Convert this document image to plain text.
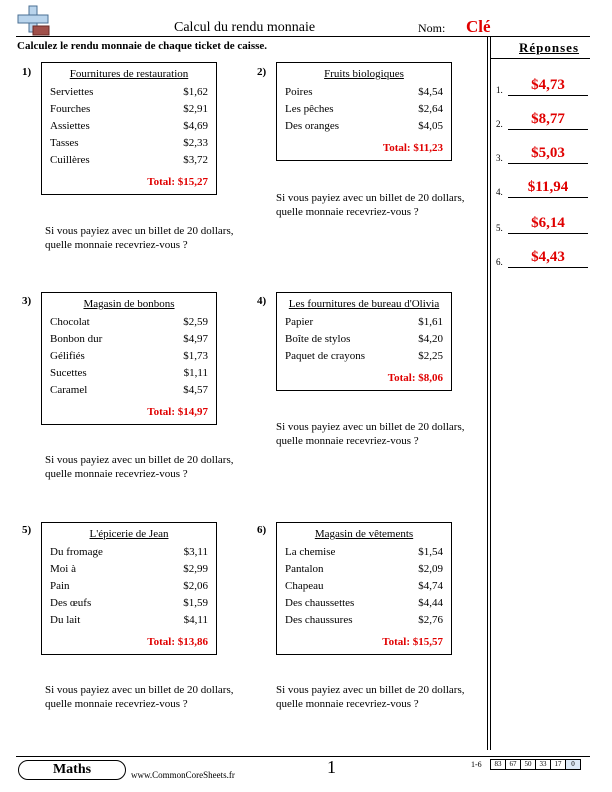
Calcul du rendu monnaie	Nom: Clé
Calculez le rendu monnaie de chaque ticket de caisse.	Réponses
1.	$4,73
2.	$8,77
3.	$5,03
4.	$11,94
5.	$6,14
6.	$4,43
1)	Fournitures de restauration
Serviettes	$1,62
Fourches	$2,91
Assiettes	$4,69
Tasses	$2,33
Cuillères	$3,72
Total: $15,27
Si vous payiez avec un billet de 20 dollars, quelle monnaie recevriez-vous ?
2)	Fruits biologiques
Poires	$4,54
Les pêches	$2,64
Des oranges	$4,05
Total: $11,23
Si vous payiez avec un billet de 20 dollars, quelle monnaie recevriez-vous ?
3)	Magasin de bonbons
Chocolat	$2,59
Bonbon dur	$4,97
Gélifiés	$1,73
Sucettes	$1,11
Caramel	$4,57
Total: $14,97
Si vous payiez avec un billet de 20 dollars, quelle monnaie recevriez-vous ?
4)	Les fournitures de bureau d'Olivia
Papier	$1,61
Boîte de stylos	$4,20
Paquet de crayons	$2,25
Total: $8,06
Si vous payiez avec un billet de 20 dollars, quelle monnaie recevriez-vous ?
5)	L'épicerie de Jean
Du fromage	$3,11
Moi à	$2,99
Pain	$2,06
Des œufs	$1,59
Du lait	$4,11
Total: $13,86
Si vous payiez avec un billet de 20 dollars, quelle monnaie recevriez-vous ?
6)	Magasin de vêtements
La chemise	$1,54
Pantalon	$2,09
Chapeau	$4,74
Des chaussettes	$4,44
Des chaussures	$2,76
Total: $15,57
Si vous payiez avec un billet de 20 dollars, quelle monnaie recevriez-vous ?
Maths	www.CommonCoreSheets.fr	1	1-6	83	67	50	33	17	0
